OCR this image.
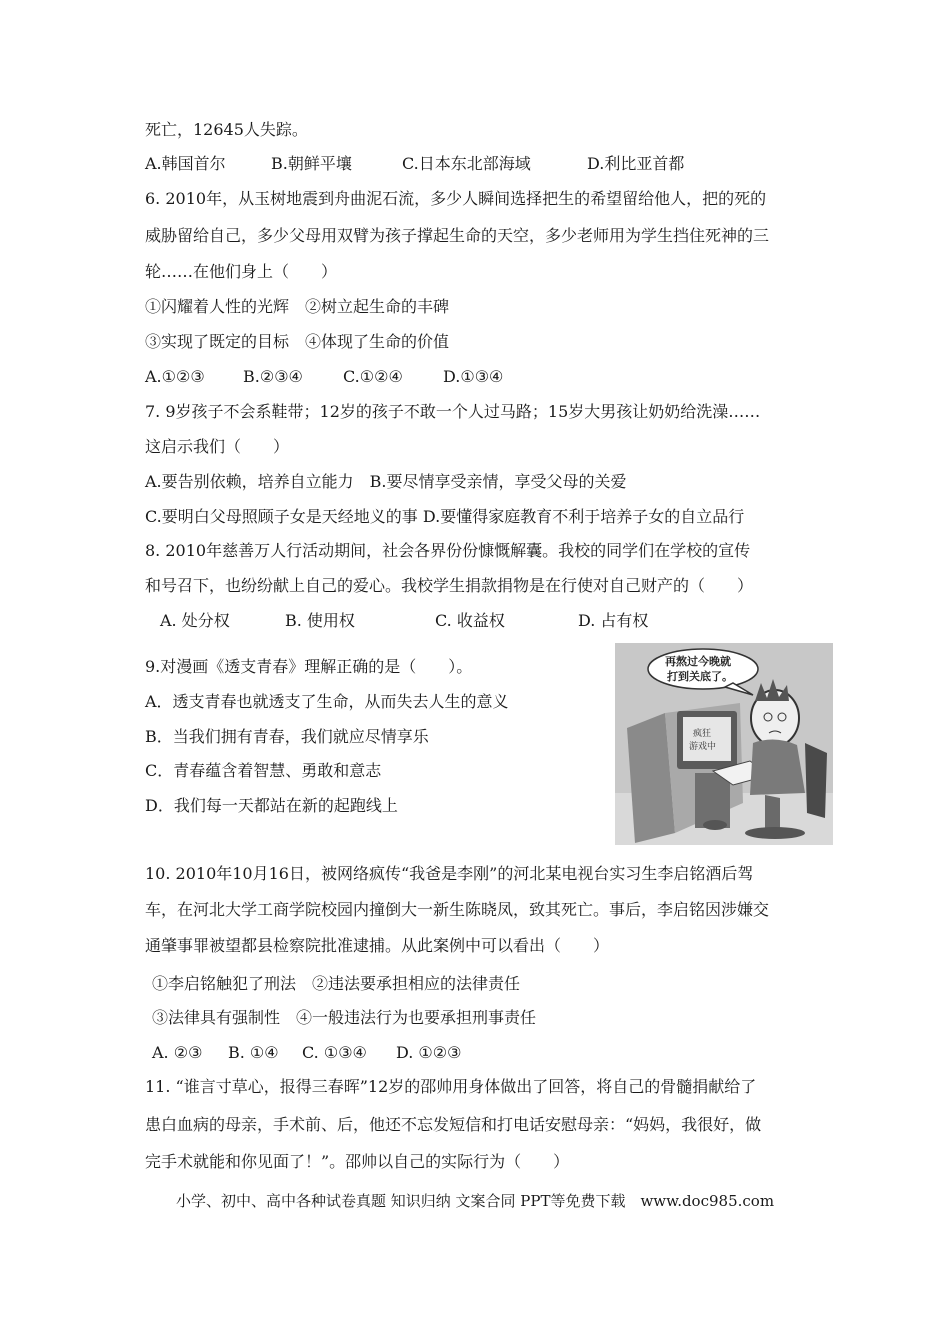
死亡，12645人失踪。
A.韩国首尔	B.朝鲜平壤	C.日本东北部海域	D.利比亚首都
6. 2010年，从玉树地震到舟曲泥石流，多少人瞬间选择把生的希望留给他人，把的死的
威胁留给自己，多少父母用双臂为孩子撑起生命的天空，多少老师用为学生挡住死神的三
轮……在他们身上（　　）
①闪耀着人性的光辉　②树立起生命的丰碑
③实现了既定的目标　④体现了生命的价值
A.①②③ B.②③④	C.①②④	D.①③④
7. 9岁孩子不会系鞋带；12岁的孩子不敢一个人过马路；15岁大男孩让奶奶给洗澡……
这启示我们（　　）
A.要告别依赖，培养自立能力　B.要尽情享受亲情，享受父母的关爱
C.要明白父母照顾子女是天经地义的事 D.要懂得家庭教育不利于培养子女的自立品行
8. 2010年慈善万人行活动期间，社会各界份份慷慨解囊。我校的同学们在学校的宣传
和号召下，也纷纷献上自己的爱心。我校学生捐款捐物是在行使对自己财产的（　　）
A. 处分权	B. 使用权	C. 收益权	D. 占有权
9.对漫画《透支青春》理解正确的是（　　）。
A．透支青春也就透支了生命，从而失去人生的意义
B．当我们拥有青春，我们就应尽情享乐
C．青春蕴含着智慧、勇敢和意志
D．我们每一天都站在新的起跑线上
疯狂
游戏中
再熬过今晚就
打到关底了。
10. 2010年10月16日，被网络疯传“我爸是李刚”的河北某电视台实习生李启铭酒后驾
车，在河北大学工商学院校园内撞倒大一新生陈晓凤，致其死亡。事后，李启铭因涉嫌交
通肇事罪被望都县检察院批准逮捕。从此案例中可以看出（　　）
①李启铭触犯了刑法　②违法要承担相应的法律责任
③法律具有强制性　④一般违法行为也要承担刑事责任
A. ②③ B. ①④ C. ①③④ D. ①②③
11. “谁言寸草心，报得三春晖”12岁的邵帅用身体做出了回答，将自己的骨髓捐献给了
患白血病的母亲，手术前、后，他还不忘发短信和打电话安慰母亲：“妈妈，我很好，做
完手术就能和你见面了！”。邵帅以自己的实际行为（　　）
小学、初中、高中各种试卷真题 知识归纳 文案合同 PPT等免费下载　www.doc985.com
